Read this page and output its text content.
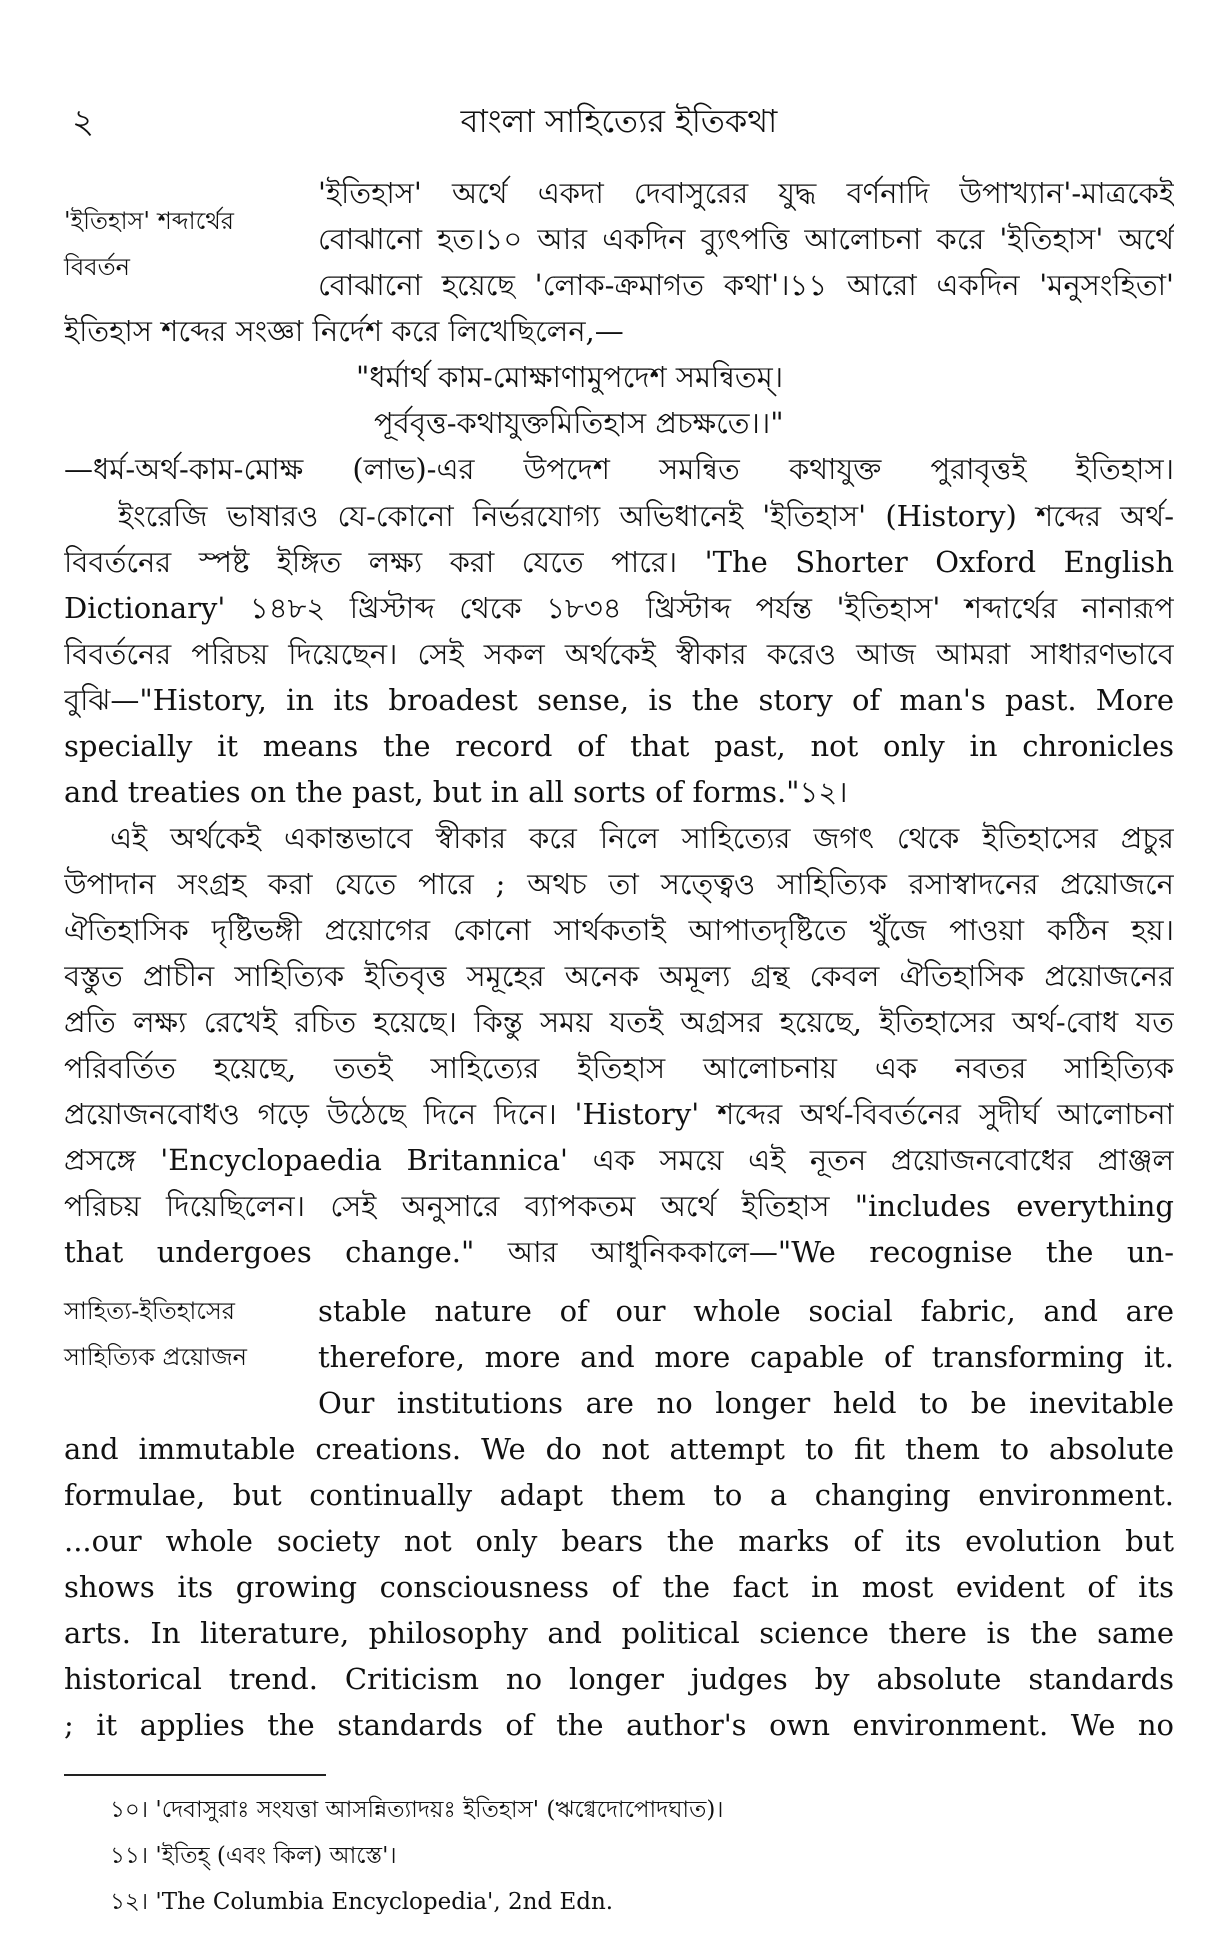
২	বাংলা সাহিত্যের ইতিকথা
'ইতিহাস' শব্দার্থের
বিবর্তন
সাহিত্য-ইতিহাসের
সাহিত্যিক প্রয়োজন
'ইতিহাস' অর্থে একদা দেবাসুরের যুদ্ধ বর্ণনাদি উপাখ্যান'-মাত্রকেই
বোঝানো হত।১০ আর একদিন ব্যুৎপত্তি আলোচনা করে 'ইতিহাস' অর্থে
বোঝানো হয়েছে 'লোক-ক্রমাগত কথা'।১১ আরো একদিন 'মনুসংহিতা'
ইতিহাস শব্দের সংজ্ঞা নির্দেশ করে লিখেছিলেন,—
"ধর্মার্থ কাম-মোক্ষাণামুপদেশ সমন্বিতম্।
পূর্ববৃত্ত-কথাযুক্তমিতিহাস প্রচক্ষতে।।"
—ধর্ম-অর্থ-কাম-মোক্ষ (লাভ)-এর উপদেশ সমন্বিত কথাযুক্ত পুরাবৃত্তই ইতিহাস।
ইংরেজি ভাষারও যে-কোনো নির্ভরযোগ্য অভিধানেই 'ইতিহাস' (History) শব্দের অর্থ-
বিবর্তনের স্পষ্ট ইঙ্গিত লক্ষ্য করা যেতে পারে। 'The Shorter Oxford English
Dictionary' ১৪৮২ খ্রিস্টাব্দ থেকে ১৮৩৪ খ্রিস্টাব্দ পর্যন্ত 'ইতিহাস' শব্দার্থের নানারূপ
বিবর্তনের পরিচয় দিয়েছেন। সেই সকল অর্থকেই স্বীকার করেও আজ আমরা সাধারণভাবে
বুঝি—"History, in its broadest sense, is the story of man's past. More
specially it means the record of that past, not only in chronicles
and treaties on the past, but in all sorts of forms."১২।
এই অর্থকেই একান্তভাবে স্বীকার করে নিলে সাহিত্যের জগৎ থেকে ইতিহাসের প্রচুর
উপাদান সংগ্রহ করা যেতে পারে ; অথচ তা সত্ত্বেও সাহিত্যিক রসাস্বাদনের প্রয়োজনে
ঐতিহাসিক দৃষ্টিভঙ্গী প্রয়োগের কোনো সার্থকতাই আপাতদৃষ্টিতে খুঁজে পাওয়া কঠিন হয়।
বস্তুত প্রাচীন সাহিত্যিক ইতিবৃত্ত সমূহের অনেক অমূল্য গ্রন্থ কেবল ঐতিহাসিক প্রয়োজনের
প্রতি লক্ষ্য রেখেই রচিত হয়েছে। কিন্তু সময় যতই অগ্রসর হয়েছে, ইতিহাসের অর্থ-বোধ যত
পরিবর্তিত হয়েছে, ততই সাহিত্যের ইতিহাস আলোচনায় এক নবতর সাহিত্যিক
প্রয়োজনবোধও গড়ে উঠেছে দিনে দিনে। 'History' শব্দের অর্থ-বিবর্তনের সুদীর্ঘ আলোচনা
প্রসঙ্গে 'Encyclopaedia Britannica' এক সময়ে এই নূতন প্রয়োজনবোধের প্রাঞ্জল
পরিচয় দিয়েছিলেন। সেই অনুসারে ব্যাপকতম অর্থে ইতিহাস "includes everything
that undergoes change." আর আধুনিককালে—"We recognise the un-
stable nature of our whole social fabric, and are
therefore, more and more capable of transforming it.
Our institutions are no longer held to be inevitable
and immutable creations. We do not attempt to fit them to absolute
formulae, but continually adapt them to a changing environment.
...our whole society not only bears the marks of its evolution but
shows its growing consciousness of the fact in most evident of its
arts. In literature, philosophy and political science there is the same
historical trend. Criticism no longer judges by absolute standards
; it applies the standards of the author's own environment. We no
১০। 'দেবাসুরাঃ সংযত্তা আসন্নিত্যাদয়ঃ ইতিহাস' (ঋগ্বেদোপোদঘাত)।
১১। 'ইতিহ্ (এবং কিল) আস্তে'।
১২। 'The Columbia Encyclopedia', 2nd Edn.
